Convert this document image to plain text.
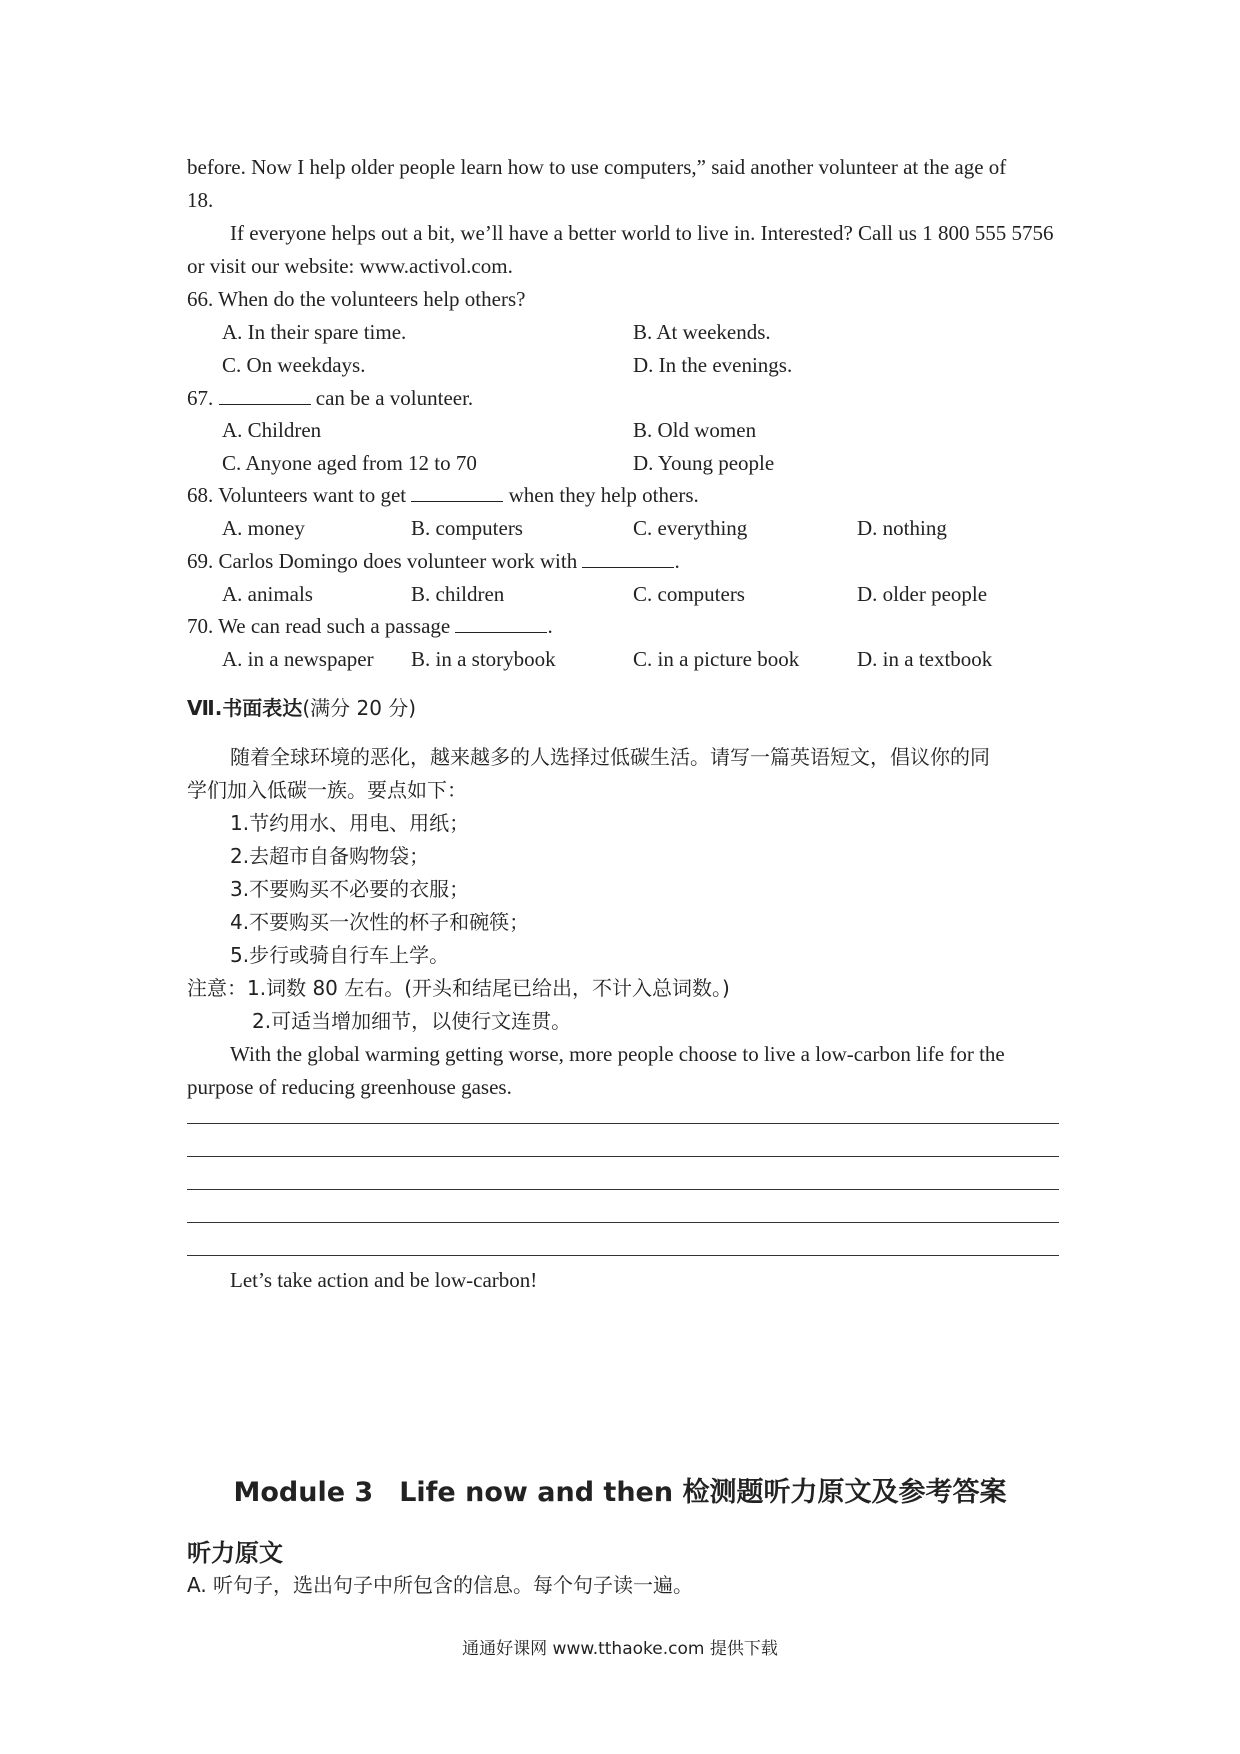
before. Now I help older people learn how to use computers,” said another volunteer at the age of
18.
If everyone helps out a bit, we’ll have a better world to live in. Interested? Call us 1 800 555 5756
or visit our website: www.activol.com.
66. When do the volunteers help others?
A. In their spare time.	B. At weekends.
C. On weekdays.	D. In the evenings.
67.	can be a volunteer.
A. Children	B. Old women
C. Anyone aged from 12 to 70	D. Young people
68. Volunteers want to get	when they help others.
A. money	B. computers	C. everything	D. nothing
69. Carlos Domingo does volunteer work with	.
A. animals	B. children	C. computers	D. older people
70. We can read such a passage	.
A. in a newspaper B. in a storybook	C. in a picture book	D. in a textbook
Ⅶ.书面表达(满分 20 分)
随着全球环境的恶化，越来越多的人选择过低碳生活。请写一篇英语短文，倡议你的同
学们加入低碳一族。要点如下：
1.节约用水、用电、用纸；
2.去超市自备购物袋；
3.不要购买不必要的衣服；
4.不要购买一次性的杯子和碗筷；
5.步行或骑自行车上学。
注意：1.词数 80 左右。(开头和结尾已给出，不计入总词数。)
2.可适当增加细节，以使行文连贯。
With the global warming getting worse, more people choose to live a low-carbon life for the
purpose of reducing greenhouse gases.
Let’s take action and be low-carbon!
Module 3 Life now and then 检测题听力原文及参考答案
听力原文
A. 听句子，选出句子中所包含的信息。每个句子读一遍。
通通好课网 www.tthaoke.com 提供下载
